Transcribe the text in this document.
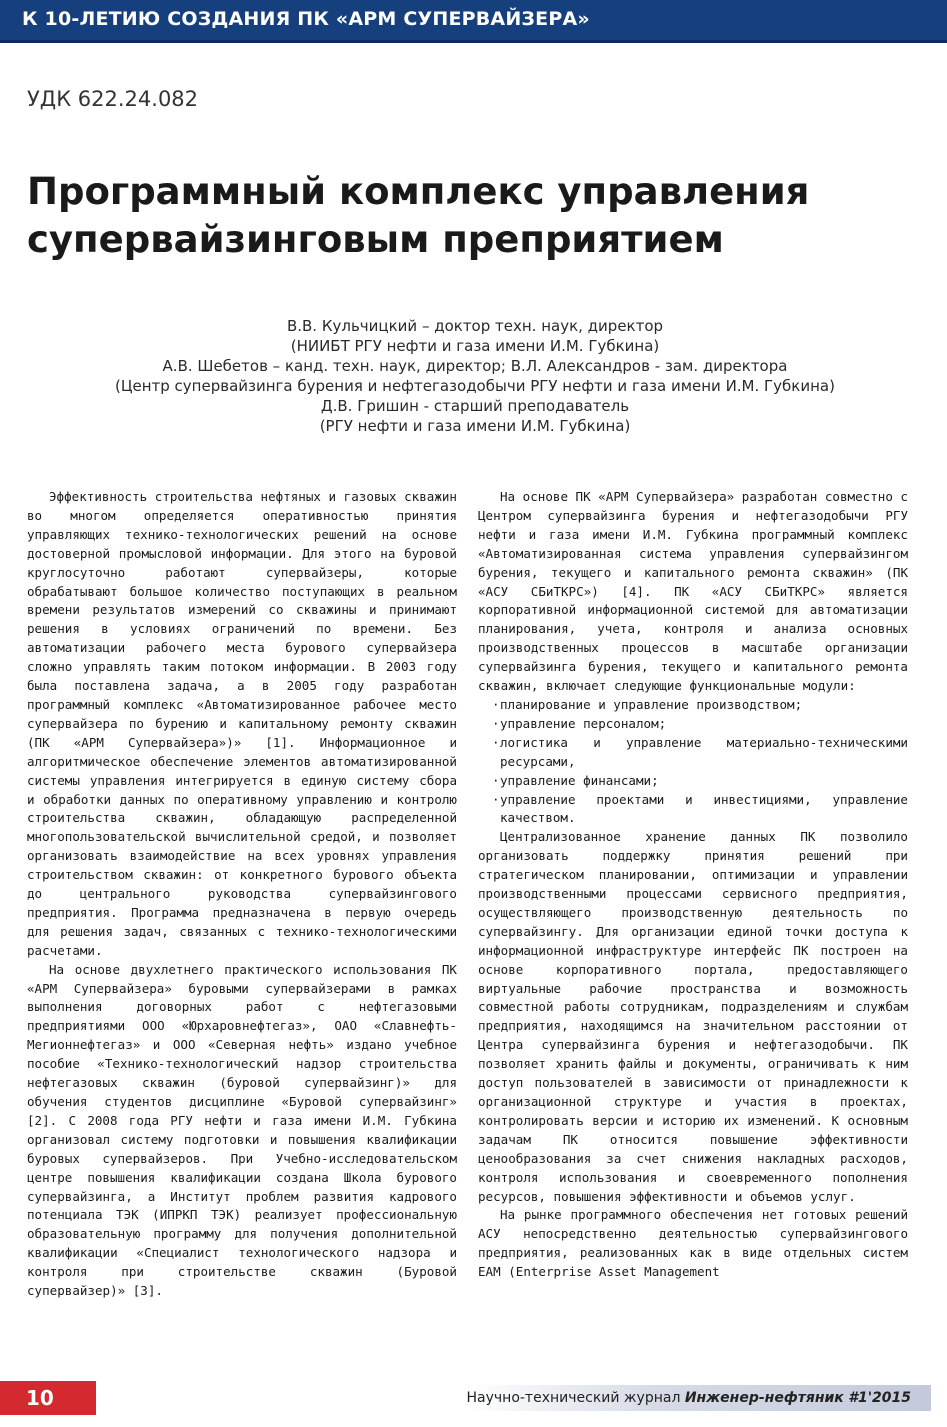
К 10-ЛЕТИЮ СОЗДАНИЯ ПК «АРМ СУПЕРВАЙЗЕРА»
УДК 622.24.082
Программный комплекс управления
супервайзинговым преприятием
В.В. Кульчицкий – доктор техн. наук, директор
(НИИБТ РГУ нефти и газа имени И.М. Губкина)
А.В. Шебетов – канд. техн. наук, директор; В.Л. Александров - зам. директора
(Центр супервайзинга бурения и нефтегазодобычи РГУ нефти и газа имени И.М. Губкина)
Д.В. Гришин - старший преподаватель
(РГУ нефти и газа имени И.М. Губкина)

Эффективность строительства нефтяных и газовых скважин во многом определяется оперативностью принятия управляющих технико-технологических решений на основе достоверной промысловой информации. Для этого на буровой круглосуточно работают супервайзеры, которые обрабатывают большое количество поступающих в реальном времени результатов измерений со скважины и принимают решения в условиях ограничений по времени. Без автоматизации рабочего места бурового супервайзера сложно управлять таким потоком информации. В 2003 году была поставлена задача, а в 2005 году разработан программный комплекс «Автоматизированное рабочее место супервайзера по бурению и капитальному ремонту скважин (ПК «АРМ Супервайзера»)» [1]. Информационное и алгоритмическое обеспечение элементов автоматизированной системы управления интегрируется в единую систему сбора и обработки данных по оперативному управлению и контролю строительства скважин, обладающую распределенной многопользовательской вычислительной средой, и позволяет организовать взаимодействие на всех уровнях управления строительством скважин: от конкретного бурового объекта до центрального руководства супервайзингового предприятия. Программа предназначена в первую очередь для решения задач, связанных с технико-технологическими расчетами.

На основе двухлетнего практического использования ПК «АРМ Супервайзера» буровыми супервайзерами в рамках выполнения договорных работ с нефтегазовыми предприятиями ООО «Юрхаровнефтегаз», ОАО «Славнефть-Мегионнефтегаз» и ООО «Северная нефть» издано учебное пособие «Технико-технологический надзор строительства нефтегазовых скважин (буровой супервайзинг)» для обучения студентов дисциплине «Буровой супервайзинг» [2]. С 2008 года РГУ нефти и газа имени И.М. Губкина организовал систему подготовки и повышения квалификации буровых супервайзеров. При Учебно-исследовательском центре повышения квалификации создана Школа бурового супервайзинга, а Институт проблем развития кадрового потенциала ТЭК (ИПРКП ТЭК) реализует профессиональную образовательную программу для получения дополнительной квалификации «Специалист технологического надзора и контроля при строительстве скважин (Буровой супервайзер)» [3].

На основе ПК «АРМ Супервайзера» разработан совместно с Центром супервайзинга бурения и нефтегазодобычи РГУ нефти и газа имени И.М. Губкина программный комплекс «Автоматизированная система управления супервайзингом бурения, текущего и капитального ремонта скважин» (ПК «АСУ СБиТКРС») [4]. ПК «АСУ СБиТКРС» является корпоративной информационной системой для автоматизации планирования, учета, контроля и анализа основных производственных процессов в масштабе организации супервайзинга бурения, текущего и капитального ремонта скважин, включает следующие функциональные модули:

· планирование и управление производством;
· управление персоналом;
· логистика и управление материально-техническими ресурсами,
· управление финансами;
· управление проектами и инвестициями, управление качеством.

Централизованное хранение данных ПК позволило организовать поддержку принятия решений при стратегическом планировании, оптимизации и управлении производственными процессами сервисного предприятия, осуществляющего производственную деятельность по супервайзингу. Для организации единой точки доступа к информационной инфраструктуре интерфейс ПК построен на основе корпоративного портала, предоставляющего виртуальные рабочие пространства и возможность совместной работы сотрудникам, подразделениям и службам предприятия, находящимся на значительном расстоянии от Центра супервайзинга бурения и нефтегазодобычи. ПК позволяет хранить файлы и документы, ограничивать к ним доступ пользователей в зависимости от принадлежности к организационной структуре и участия в проектах, контролировать версии и историю их изменений. К основным задачам ПК относится повышение эффективности ценообразования за счет снижения накладных расходов, контроля использования и своевременного пополнения ресурсов, повышения эффективности и объемов услуг.

На рынке программного обеспечения нет готовых решений АСУ непосредственно деятельностью супервайзингового предприятия, реализованных как в виде отдельных систем EAM (Enterprise Asset Management

10	Научно-технический журнал Инженер-нефтяник #1'2015
